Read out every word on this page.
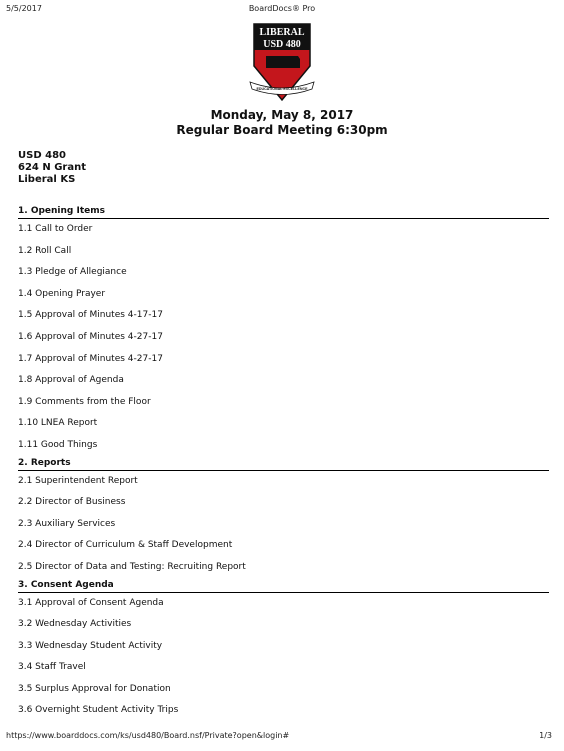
5/5/2017	BoardDocs® Pro
LIBERAL
USD 480
EDUCATIONAL EXCELLENCE
Monday, May 8, 2017
Regular Board Meeting 6:30pm
USD 480
624 N Grant
Liberal KS
1. Opening Items
1.1 Call to Order
1.2 Roll Call
1.3 Pledge of Allegiance
1.4 Opening Prayer
1.5 Approval of Minutes 4-17-17
1.6 Approval of Minutes 4-27-17
1.7 Approval of Minutes 4-27-17
1.8 Approval of Agenda
1.9 Comments from the Floor
1.10 LNEA Report
1.11 Good Things
2. Reports
2.1 Superintendent Report
2.2 Director of Business
2.3 Auxiliary Services
2.4 Director of Curriculum & Staff Development
2.5 Director of Data and Testing: Recruiting Report
3. Consent Agenda
3.1 Approval of Consent Agenda
3.2 Wednesday Activities
3.3 Wednesday Student Activity
3.4 Staff Travel
3.5 Surplus Approval for Donation
3.6 Overnight Student Activity Trips
https://www.boarddocs.com/ks/usd480/Board.nsf/Private?open&login#	1/3
